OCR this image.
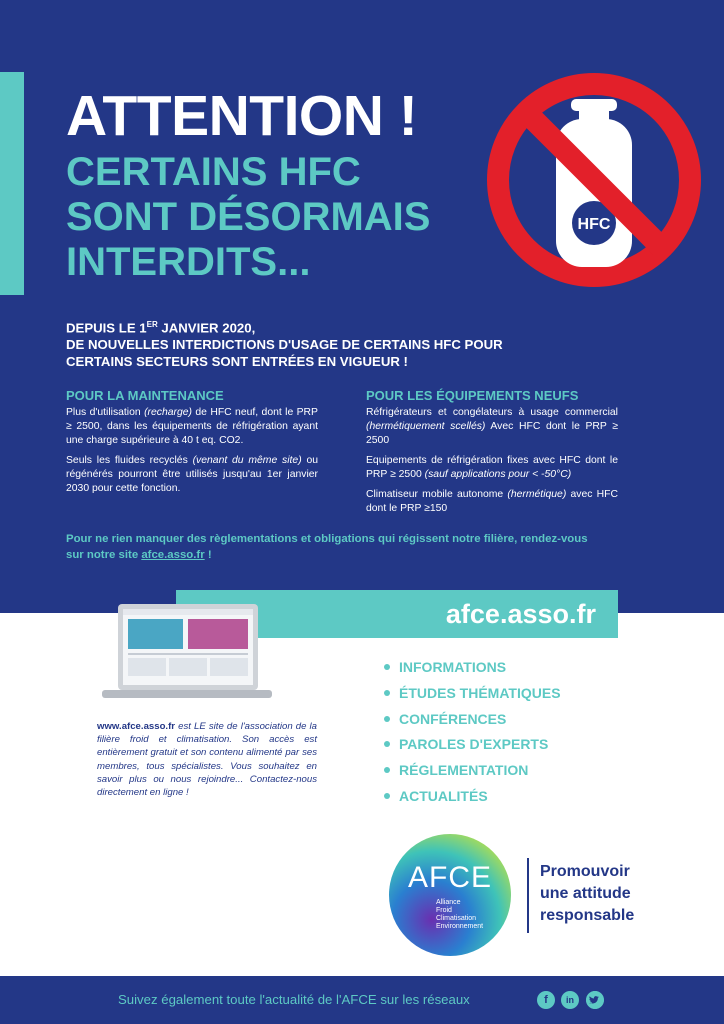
ATTENTION !
CERTAINS HFC
SONT DÉSORMAIS
INTERDITS...
HFC

DEPUIS LE 1ER JANVIER 2020,
DE NOUVELLES INTERDICTIONS D'USAGE DE CERTAINS HFC POUR
CERTAINS SECTEURS SONT ENTRÉES EN VIGUEUR !

POUR LA MAINTENANCE

Plus d'utilisation (recharge) de HFC neuf, dont le PRP ≥ 2500, dans les équipements de réfrigération ayant une charge supérieure à 40 t eq. CO2.

Seuls les fluides recyclés (venant du même site) ou régénérés pourront être utilisés jusqu'au 1er janvier 2030 pour cette fonction.

POUR LES ÉQUIPEMENTS NEUFS

Réfrigérateurs et congélateurs à usage commercial (hermétiquement scellés) Avec HFC dont le PRP ≥ 2500

Equipements de réfrigération fixes avec HFC dont le PRP ≥ 2500 (sauf applications pour < -50°C)

Climatiseur mobile autonome (hermétique) avec HFC dont le PRP ≥150

Pour ne rien manquer des règlementations et obligations qui régissent notre filière, rendez-vous sur notre site afce.asso.fr !

afce.asso.fr

www.afce.asso.fr est LE site de l'association de la filière froid et climatisation. Son accès est entièrement gratuit et son contenu alimenté par ses membres, tous spécialistes. Vous souhaitez en savoir plus ou nous rejoindre... Contactez-nous directement en ligne !

INFORMATIONS
ÉTUDES THÉMATIQUES
CONFÉRENCES
PAROLES D'EXPERTS
RÉGLEMENTATION
ACTUALITÉS
AFCE
Alliance
Froid
Climatisation
Environnement

Promouvoir
une attitude
responsable

Suivez également toute l'actualité de l'AFCE sur les réseaux	f	in
